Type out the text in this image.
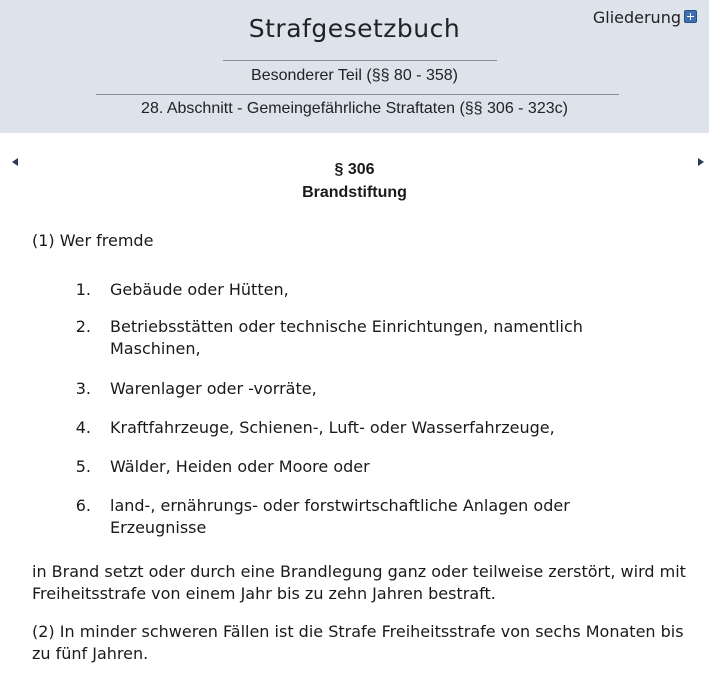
Strafgesetzbuch	Gliederung
Besonderer Teil (§§ 80 - 358)
28. Abschnitt - Gemeingefährliche Straftaten (§§ 306 - 323c)
§ 306
Brandstiftung
(1) Wer fremde
1. Gebäude oder Hütten,
2. Betriebsstätten oder technische Einrichtungen, namentlich Maschinen,
3. Warenlager oder -vorräte,
4. Kraftfahrzeuge, Schienen-, Luft- oder Wasserfahrzeuge,
5. Wälder, Heiden oder Moore oder
6. land-, ernährungs- oder forstwirtschaftliche Anlagen oder Erzeugnisse
in Brand setzt oder durch eine Brandlegung ganz oder teilweise zerstört, wird mit Freiheitsstrafe von einem Jahr bis zu zehn Jahren bestraft.
(2) In minder schweren Fällen ist die Strafe Freiheitsstrafe von sechs Monaten bis zu fünf Jahren.
